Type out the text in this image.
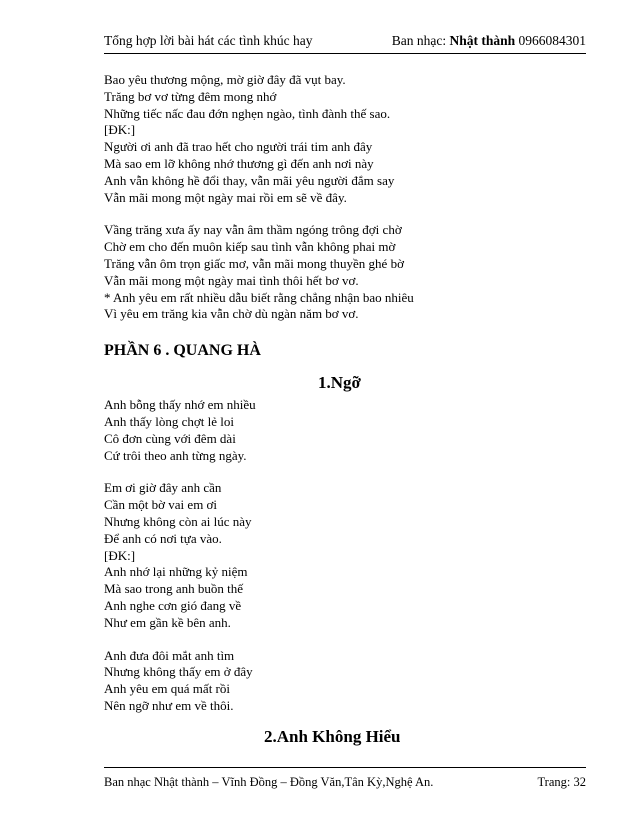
Tổng hợp lời bài hát các tình khúc hay	Ban nhạc: Nhật thành 0966084301
Bao yêu thương mộng, mờ giờ đây đã vụt bay.
Trăng bơ vơ từng đêm mong nhớ
Những tiếc nấc đau đớn nghẹn ngào, tình đành thế sao.
[ĐK:]
Người ơi anh đã trao hết cho người trái tim anh đây
Mà sao em lỡ không nhớ thương gì đến anh nơi này
Anh vẫn không hề đổi thay, vẫn mãi yêu người đắm say
Vẫn mãi mong một ngày mai rồi em sẽ về đây.
Vầng trăng xưa ấy nay vẫn âm thầm ngóng trông đợi chờ
Chờ em cho đến muôn kiếp sau tình vẫn không phai mờ
Trăng vẫn ôm trọn giấc mơ, vẫn mãi mong thuyền ghé bờ
Vẫn mãi mong một ngày mai tình thôi hết bơ vơ.
* Anh yêu em rất nhiều dẫu biết rằng chẳng nhận bao nhiêu
Vì yêu em trăng kia vẫn chờ dù ngàn năm bơ vơ.
PHẦN 6 . QUANG HÀ
1.Ngỡ
Anh bỗng thấy nhớ em nhiều
Anh thấy lòng chợt lẻ loi
Cô đơn cùng với đêm dài
Cứ trôi theo anh từng ngày.
Em ơi giờ đây anh cần
Cần một bờ vai em ơi
Nhưng không còn ai lúc này
Để anh có nơi tựa vào.
[ĐK:]
Anh nhớ lại những kỷ niệm
Mà sao trong anh buồn thế
Anh nghe cơn gió đang về
Như em gần kề bên anh.
Anh đưa đôi mắt anh tìm
Nhưng không thấy em ở đây
Anh yêu em quá mất rồi
Nên ngỡ như em về thôi.
2.Anh Không Hiểu
Ban nhạc Nhật thành – Vĩnh Đồng – Đồng Văn,Tân Kỳ,Nghệ An.	Trang: 32
